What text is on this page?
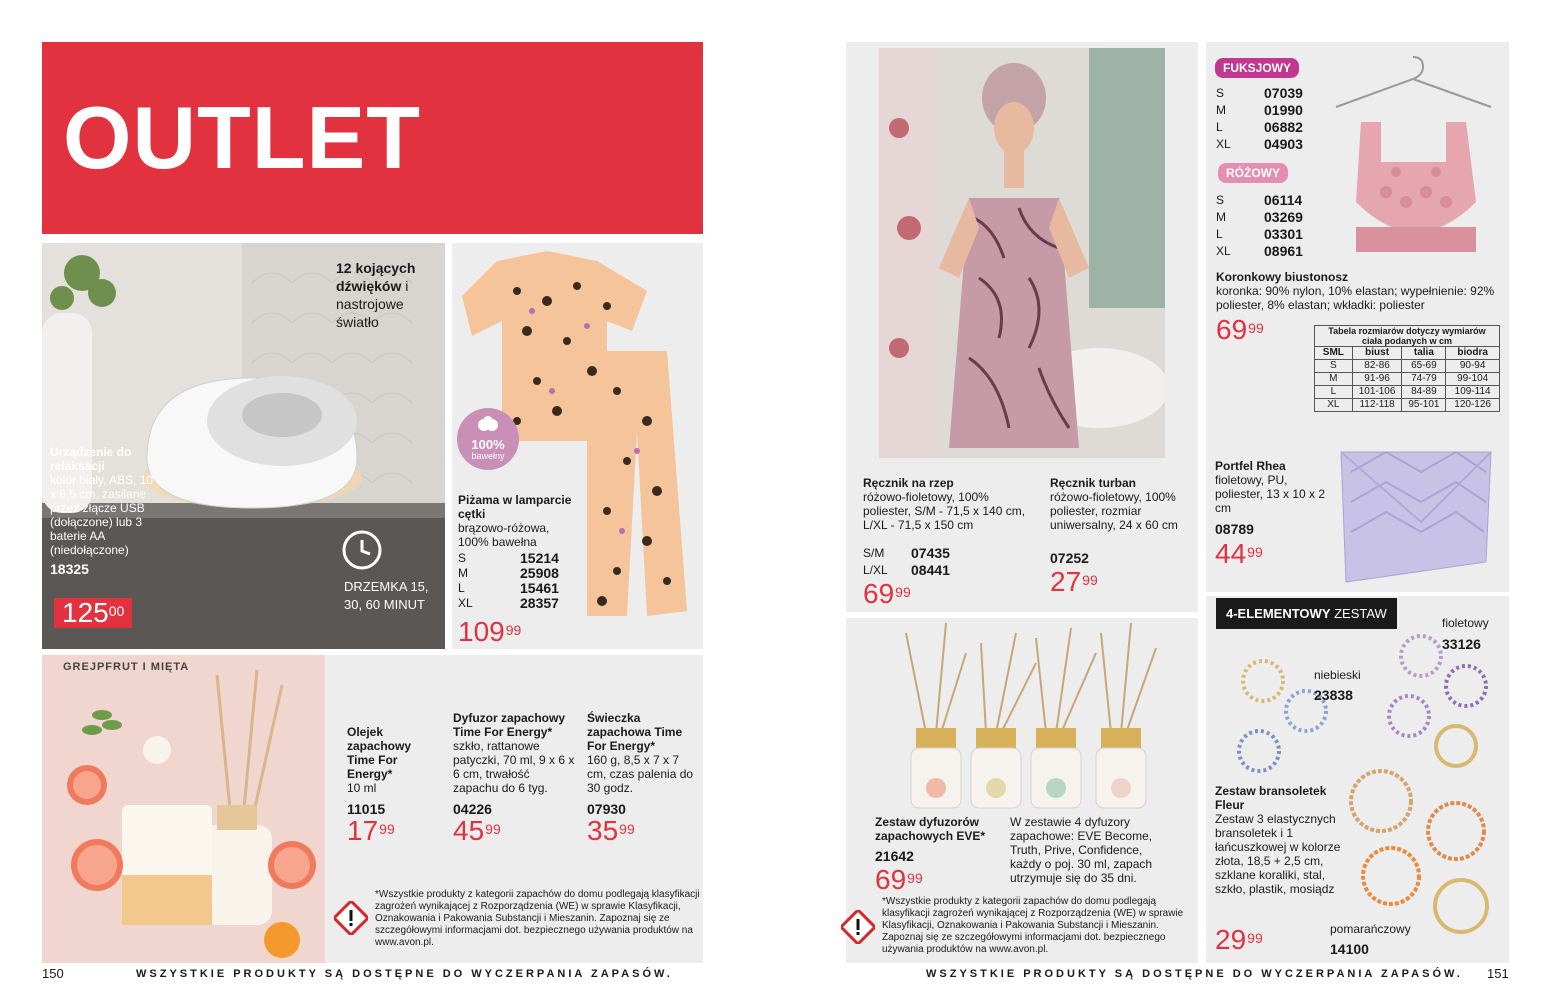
OUTLET
12 kojących dźwięków i nastrojowe światło
Urządzenie do relaksacji
kolor biały, ABS, 10 x 6,5 cm, zasilane przez złącze USB (dołączone) lub 3 baterie AA (niedołączone)
18325
$125^{00}$
DRZEMKA 15, 30, 60 MINUT
100%
bawełny
Piżama w lamparcie cętki
brązowo-różowa, 100% bawełna
S	15214
M	25908
L	15461
XL	28357
$109^{99}$
GREJPFRUT I MIĘTA
Olejek zapachowy Time For Energy*
10 ml
11015
$17^{99}$
Dyfuzor zapachowy Time For Energy*
szkło, rattanowe patyczki, 70 ml, 9 x 6 x 6 cm, trwałość zapachu do 6 tyg.
04226
$45^{99}$
Świeczka zapachowa Time For Energy*
160 g, 8,5 x 7 x 7 cm, czas palenia do 30 godz.
07930
$35^{99}$
*Wszystkie produkty z kategorii zapachów do domu podlegają klasyfikacji zagrożeń wynikającej z Rozporządzenia (WE) w sprawie Klasyfikacji, Oznakowania i Pakowania Substancji i Mieszanin. Zapoznaj się ze szczegółowymi informacjami dot. bezpiecznego używania produktów na www.avon.pl.
150	WSZYSTKIE PRODUKTY SĄ DOSTĘPNE DO WYCZERPANIA ZAPASÓW.
Ręcznik na rzep
różowo-fioletowy, 100% poliester, S/M - 71,5 x 140 cm, L/XL - 71,5 x 150 cm
S/M	07435
L/XL	08441
$69^{99}$
Ręcznik turban
różowo-fioletowy, 100% poliester, rozmiar uniwersalny, 24 x 60 cm
07252
$27^{99}$
Zestaw dyfuzorów zapachowych EVE*
21642
$69^{99}$
W zestawie 4 dyfuzory zapachowe: EVE Become, Truth, Prive, Confidence, każdy o poj. 30 ml, zapach utrzymuje się do 35 dni.
*Wszystkie produkty z kategorii zapachów do domu podlegają klasyfikacji zagrożeń wynikającej z Rozporządzenia (WE) w sprawie Klasyfikacji, Oznakowania i Pakowania Substancji i Mieszanin. Zapoznaj się ze szczegółowymi informacjami dot. bezpiecznego używania produktów na www.avon.pl.
FUKSJOWY
S	07039
M	01990
L	06882
XL	04903
RÓŻOWY
S	06114
M	03269
L	03301
XL	08961
Koronkowy biustonosz
koronka: 90% nylon, 10% elastan; wypełnienie: 92% poliester, 8% elastan; wkładki: poliester
$69^{99}$	Tabela rozmiarów dotyczy wymiarów ciała podanych w cm			
SML	biust	talia	biodra
S	82-86	65-69	90-94
M	91-96	74-79	99-104
L	101-106	84-89	109-114
XL	112-118	95-101	120-126
Portfel Rhea
fioletowy, PU, poliester, 13 x 10 x 2 cm
08789
$44^{99}$
4-ELEMENTOWY ZESTAW
fioletowy
33126
niebieski
23838
Zestaw bransoletek Fleur
Zestaw 3 elastycznych bransoletek i 1 łańcuszkowej w kolorze złota, 18,5 + 2,5 cm, szklane koraliki, stal, szkło, plastik, mosiądz
$29^{99}$
pomarańczowy
14100
WSZYSTKIE PRODUKTY SĄ DOSTĘPNE DO WYCZERPANIA ZAPASÓW. 151
